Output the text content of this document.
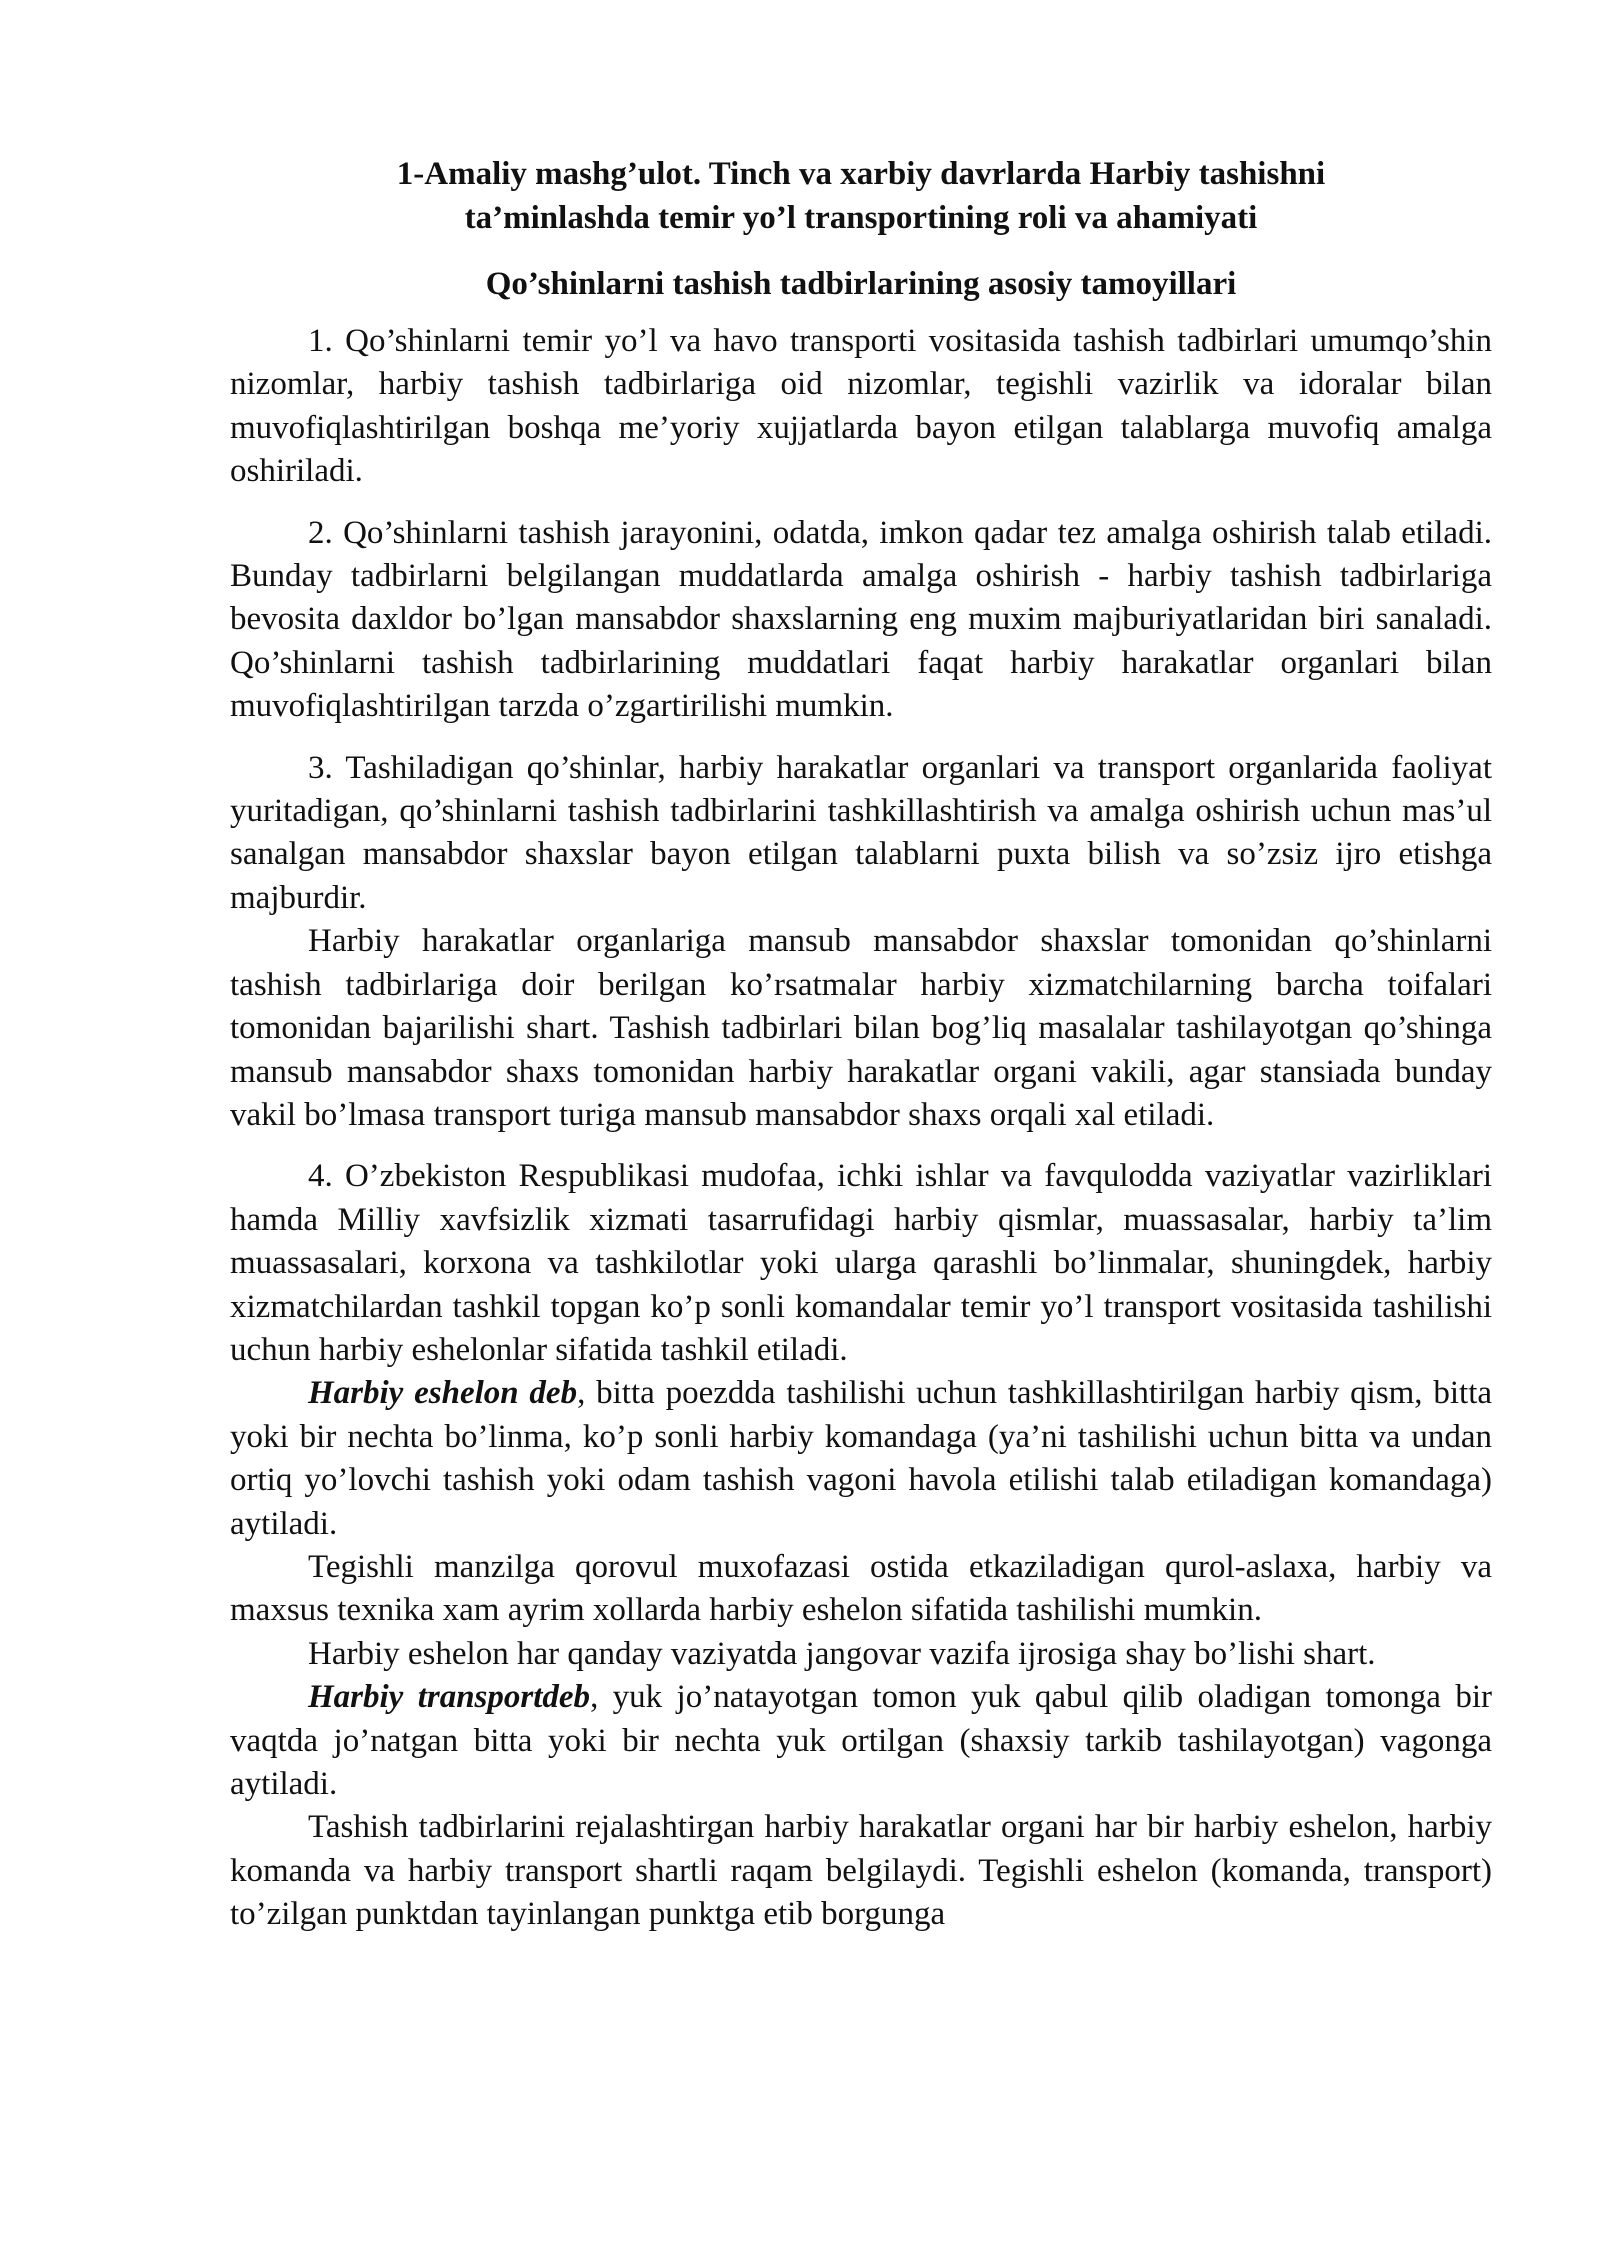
1-Amaliy mashg’ulot. Tinch va xarbiy davrlarda Harbiy tashishni
ta’minlashda temir yo’l transportining roli va ahamiyati

Qo’shinlarni tashish tadbirlarining asosiy tamoyillari

1. Qo’shinlarni temir yo’l va havo transporti vositasida tashish tadbirlari umumqo’shin nizomlar, harbiy tashish tadbirlariga oid nizomlar, tegishli vazirlik va idoralar bilan muvofiqlashtirilgan boshqa me’yoriy xujjatlarda bayon etilgan talablarga muvofiq amalga oshiriladi.

2. Qo’shinlarni tashish jarayonini, odatda, imkon qadar tez amalga oshirish talab etiladi. Bunday tadbirlarni belgilangan muddatlarda amalga oshirish - harbiy tashish tadbirlariga bevosita daxldor bo’lgan mansabdor shaxslarning eng muxim majburiyatlaridan biri sanaladi. Qo’shinlarni tashish tadbirlarining muddatlari faqat harbiy harakatlar organlari bilan muvofiqlashtirilgan tarzda o’zgartirilishi mumkin.

3. Tashiladigan qo’shinlar, harbiy harakatlar organlari va transport organlarida faoliyat yuritadigan, qo’shinlarni tashish tadbirlarini tashkillashtirish va amalga oshirish uchun mas’ul sanalgan mansabdor shaxslar bayon etilgan talablarni puxta bilish va so’zsiz ijro etishga majburdir.

Harbiy harakatlar organlariga mansub mansabdor shaxslar tomonidan qo’shinlarni tashish tadbirlariga doir berilgan ko’rsatmalar harbiy xizmatchilarning barcha toifalari tomonidan bajarilishi shart. Tashish tadbirlari bilan bog’liq masalalar tashilayotgan qo’shinga mansub mansabdor shaxs tomonidan harbiy harakatlar organi vakili, agar stansiada bunday vakil bo’lmasa transport turiga mansub mansabdor shaxs orqali xal etiladi.

4. O’zbekiston Respublikasi mudofaa, ichki ishlar va favqulodda vaziyatlar vazirliklari hamda Milliy xavfsizlik xizmati tasarrufidagi harbiy qismlar, muassasalar, harbiy ta’lim muassasalari, korxona va tashkilotlar yoki ularga qarashli bo’linmalar, shuningdek, harbiy xizmatchilardan tashkil topgan ko’p sonli komandalar temir yo’l transport vositasida tashilishi uchun harbiy eshelonlar sifatida tashkil etiladi.

Harbiy eshelon deb, bitta poezdda tashilishi uchun tashkillashtirilgan harbiy qism, bitta yoki bir nechta bo’linma, ko’p sonli harbiy komandaga (ya’ni tashilishi uchun bitta va undan ortiq yo’lovchi tashish yoki odam tashish vagoni havola etilishi talab etiladigan komandaga) aytiladi.

Tegishli manzilga qorovul muxofazasi ostida etkaziladigan qurol-aslaxa, harbiy va maxsus texnika xam ayrim xollarda harbiy eshelon sifatida tashilishi mumkin.

Harbiy eshelon har qanday vaziyatda jangovar vazifa ijrosiga shay bo’lishi shart.

Harbiy transportdeb, yuk jo’natayotgan tomon yuk qabul qilib oladigan tomonga bir vaqtda jo’natgan bitta yoki bir nechta yuk ortilgan (shaxsiy tarkib tashilayotgan) vagonga aytiladi.

Tashish tadbirlarini rejalashtirgan harbiy harakatlar organi har bir harbiy eshelon, harbiy komanda va harbiy transport shartli raqam belgilaydi. Tegishli eshelon (komanda, transport) to’zilgan punktdan tayinlangan punktga etib borgunga
